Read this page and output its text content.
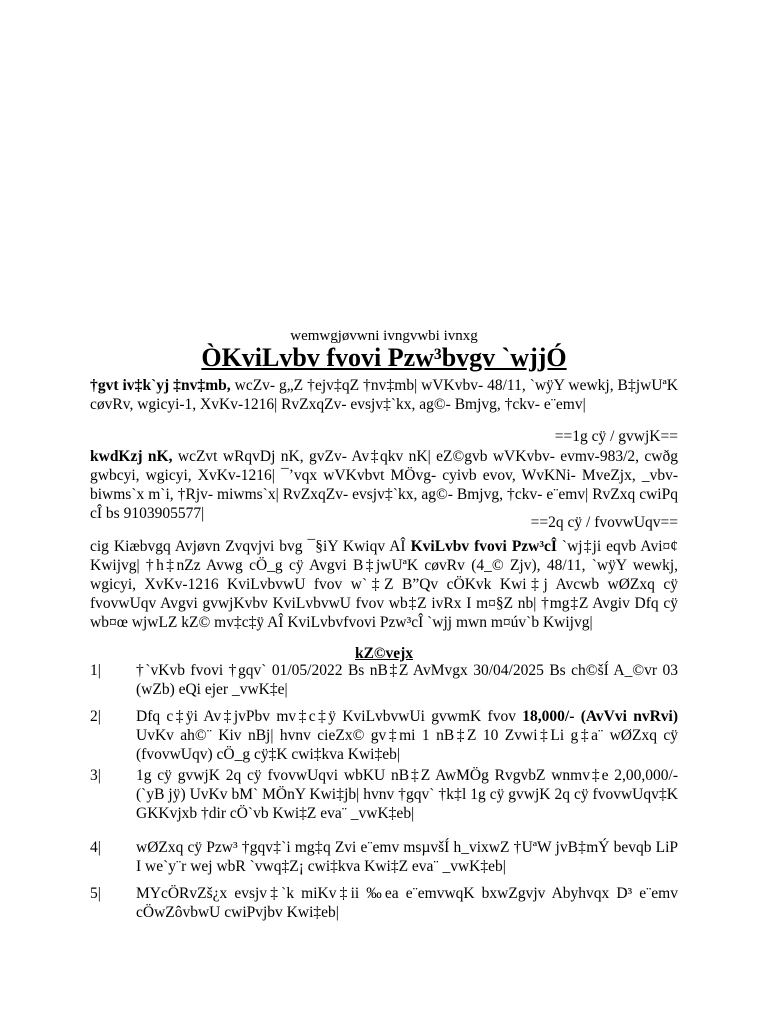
wemwgjøvwni ivngvwbi ivnxg
ÒKviLvbv fvovi Pzw³bvgv `wjjÓ

†gvt iv‡k`yj ‡nv‡mb, wcZv- g„Z †ejv‡qZ †nv‡mb| wVKvbv- 48/11, `wÿY wewkj, B‡jwUªK cøvRv, wgicyi-1, XvKv-1216| RvZxqZv- evsjv‡`kx, ag©- Bmjvg, †ckv- e¨emv|

==1g cÿ / gvwjK==

kwdKzj nK, wcZvt wRqvDj nK, gvZv- Av‡qkv nK| eZ©gvb wVKvbv- evmv-983/2, cwðg gwbcyi, wgicyi, XvKv-1216| ¯’vqx wVKvbvt MÖvg- cyivb evov, WvKNi- MveZjx, _vbv- biwms`x m`i, †Rjv- miwms`x| RvZxqZv- evsjv‡`kx, ag©- Bmjvg, †ckv- e¨emv| RvZxq cwiPq cÎ bs 9103905577|

==2q cÿ / fvovwUqv==

cig Kiæbvgq Avjøvn Zvqvjvi bvg ¯§iY Kwiqv AÎ KviLvbv fvovi Pzw³cÎ `wj‡ji eqvb Avi¤¢ Kwijvg| †h‡nZz Avwg cÖ_g cÿ Avgvi B‡jwUªK cøvRv (4_© Zjv), 48/11, `wÿY wewkj, wgicyi, XvKv-1216 KviLvbvwU fvov w`‡Z B”Qv cÖKvk Kwi‡j Avcwb wØZxq cÿ fvovwUqv Avgvi gvwjKvbv KviLvbvwU fvov wb‡Z ivRx I m¤§Z nb| †mg‡Z Avgiv Dfq cÿ wb¤œ wjwLZ kZ© mv‡c‡ÿ AÎ KviLvbvfvovi Pzw³cÎ `wjj mwn m¤úv`b Kwijvg|

kZ©vejx
1|	†`vKvb fvovi †gqv` 01/05/2022 Bs nB‡Z AvMvgx 30/04/2025 Bs ch©šÍ A_©vr 03 (wZb) eQi ejer _vwK‡e|
2|	Dfq c‡ÿi Av‡jvPbv mv‡c‡ÿ KviLvbvwUi gvwmK fvov 18,000/- (AvVvi nvRvi) UvKv ah©¨ Kiv nBj| hvnv cieZx© gv‡mi 1 nB‡Z 10 Zvwi‡Li g‡a¨ wØZxq cÿ (fvovwUqv) cÖ_g cÿ‡K cwi‡kva Kwi‡eb|
3|	1g cÿ gvwjK 2q cÿ fvovwUqvi wbKU nB‡Z AwMÖg RvgvbZ wnmv‡e 2,00,000/- (`yB jÿ) UvKv bM` MÖnY Kwi‡jb| hvnv †gqv` †k‡l 1g cÿ gvwjK 2q cÿ fvovwUqv‡K GKKvjxb †dir cÖ`vb Kwi‡Z eva¨ _vwK‡eb|
4|	wØZxq cÿ Pzw³ †gqv‡`i mg‡q Zvi e¨emv msµvšÍ h_vixwZ †UªW jvB‡mÝ bevqb LiP I we`y¨r wej wbR `vwq‡Z¡ cwi‡kva Kwi‡Z eva¨ _vwK‡eb|
5|	MYcÖRvZš¿x evsjv‡`k miKv‡ii ‰ea e¨emvwqK bxwZgvjv Abyhvqx D³ e¨emv cÖwZôvbwU cwiPvjbv Kwi‡eb|
